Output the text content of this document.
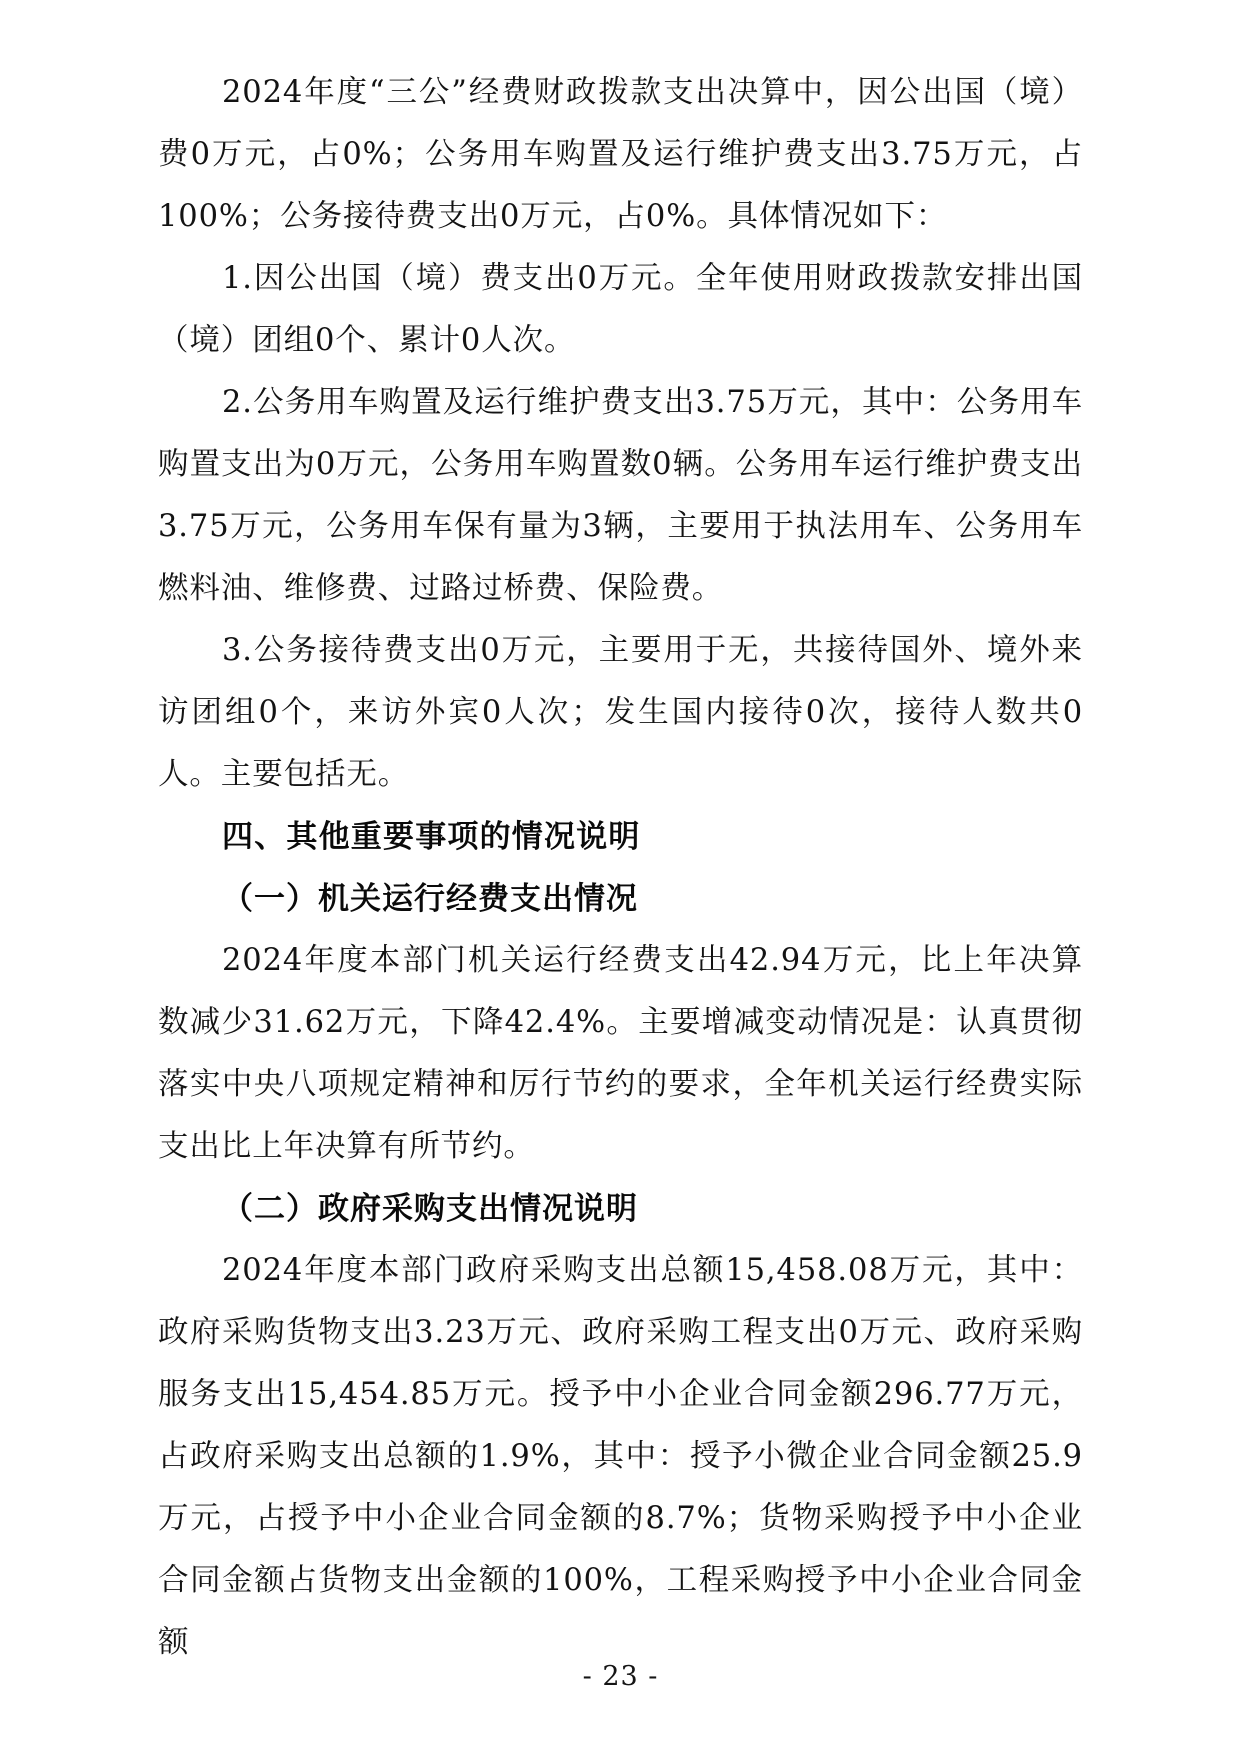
2024年度“三公”经费财政拨款支出决算中，因公出国（境）费0万元，占0%；公务用车购置及运行维护费支出3.75万元，占100%；公务接待费支出0万元，占0%。具体情况如下：

1.因公出国（境）费支出0万元。全年使用财政拨款安排出国（境）团组0个、累计0人次。

2.公务用车购置及运行维护费支出3.75万元，其中：公务用车购置支出为0万元，公务用车购置数0辆。公务用车运行维护费支出3.75万元，公务用车保有量为3辆，主要用于执法用车、公务用车燃料油、维修费、过路过桥费、保险费。

3.公务接待费支出0万元，主要用于无，共接待国外、境外来访团组0个，来访外宾0人次；发生国内接待0次，接待人数共0人。主要包括无。

四、其他重要事项的情况说明
（一）机关运行经费支出情况

2024年度本部门机关运行经费支出42.94万元，比上年决算数减少31.62万元，下降42.4%。主要增减变动情况是：认真贯彻落实中央八项规定精神和厉行节约的要求，全年机关运行经费实际支出比上年决算有所节约。

（二）政府采购支出情况说明

2024年度本部门政府采购支出总额15,458.08万元，其中：政府采购货物支出3.23万元、政府采购工程支出0万元、政府采购服务支出15,454.85万元。授予中小企业合同金额296.77万元，占政府采购支出总额的1.9%，其中：授予小微企业合同金额25.9万元，占授予中小企业合同金额的8.7%；货物采购授予中小企业合同金额占货物支出金额的100%，工程采购授予中小企业合同金额

- 23 -
